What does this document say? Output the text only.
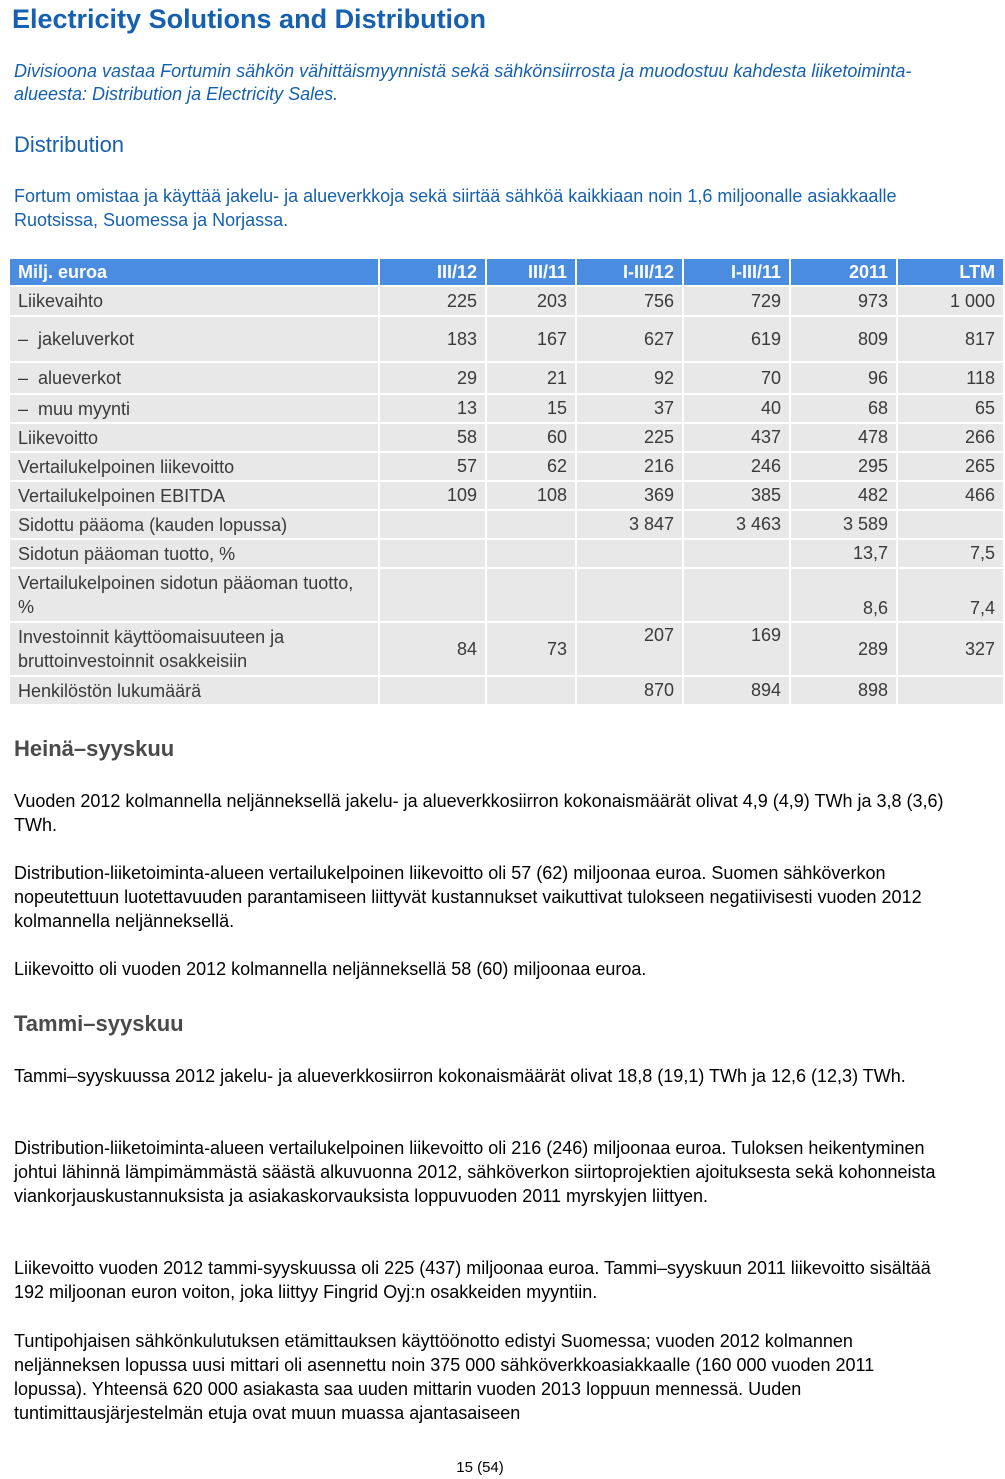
Electricity Solutions and Distribution

Divisioona vastaa Fortumin sähkön vähittäismyynnistä sekä sähkönsiirrosta ja muodostuu kahdesta liiketoiminta-alueesta: Distribution ja Electricity Sales.

Distribution

Fortum omistaa ja käyttää jakelu- ja alueverkkoja sekä siirtää sähköä kaikkiaan noin 1,6 miljoonalle asiakkaalle Ruotsissa, Suomessa ja Norjassa.

Milj. euroa	III/12	III/11	I-III/12	I-III/11	2011	LTM
Liikevaihto	225	203	756	729	973	1 000
–  jakeluverkot	183	167	627	619	809	817
–  alueverkot	29	21	92	70	96	118
–  muu myynti	13	15	37	40	68	65
Liikevoitto	58	60	225	437	478	266
Vertailukelpoinen liikevoitto	57	62	216	246	295	265
Vertailukelpoinen EBITDA	109	108	369	385	482	466
Sidottu pääoma (kauden lopussa)			3 847	3 463	3 589	
Sidotun pääoman tuotto, %					13,7	7,5
Vertailukelpoinen sidotun pääoman tuotto, %					8,6	7,4
Investoinnit käyttöomaisuuteen ja bruttoinvestoinnit osakkeisiin	84	73	207	169	289	327
Henkilöstön lukumäärä			870	894	898	
Heinä–syyskuu

Vuoden 2012 kolmannella neljänneksellä jakelu- ja alueverkkosiirron kokonaismäärät olivat 4,9 (4,9) TWh ja 3,8 (3,6) TWh.

Distribution-liiketoiminta-alueen vertailukelpoinen liikevoitto oli 57 (62) miljoonaa euroa. Suomen sähköverkon nopeutettuun luotettavuuden parantamiseen liittyvät kustannukset vaikuttivat tulokseen negatiivisesti vuoden 2012 kolmannella neljänneksellä.

Liikevoitto oli vuoden 2012 kolmannella neljänneksellä 58 (60) miljoonaa euroa.

Tammi–syyskuu

Tammi–syyskuussa 2012 jakelu- ja alueverkkosiirron kokonaismäärät olivat 18,8 (19,1) TWh ja 12,6 (12,3) TWh.

Distribution-liiketoiminta-alueen vertailukelpoinen liikevoitto oli 216 (246) miljoonaa euroa. Tuloksen heikentyminen johtui lähinnä lämpimämmästä säästä alkuvuonna 2012, sähköverkon siirtoprojektien ajoituksesta sekä kohonneista viankorjauskustannuksista ja asiakaskorvauksista loppuvuoden 2011 myrskyjen liittyen.

Liikevoitto vuoden 2012 tammi-syyskuussa oli 225 (437) miljoonaa euroa. Tammi–syyskuun 2011 liikevoitto sisältää 192 miljoonan euron voiton, joka liittyy Fingrid Oyj:n osakkeiden myyntiin.

Tuntipohjaisen sähkönkulutuksen etämittauksen käyttöönotto edistyi Suomessa; vuoden 2012 kolmannen neljänneksen lopussa uusi mittari oli asennettu noin 375 000 sähköverkkoasiakkaalle (160 000 vuoden 2011 lopussa). Yhteensä 620 000 asiakasta saa uuden mittarin vuoden 2013 loppuun mennessä. Uuden tuntimittausjärjestelmän etuja ovat muun muassa ajantasaiseen

15 (54)
